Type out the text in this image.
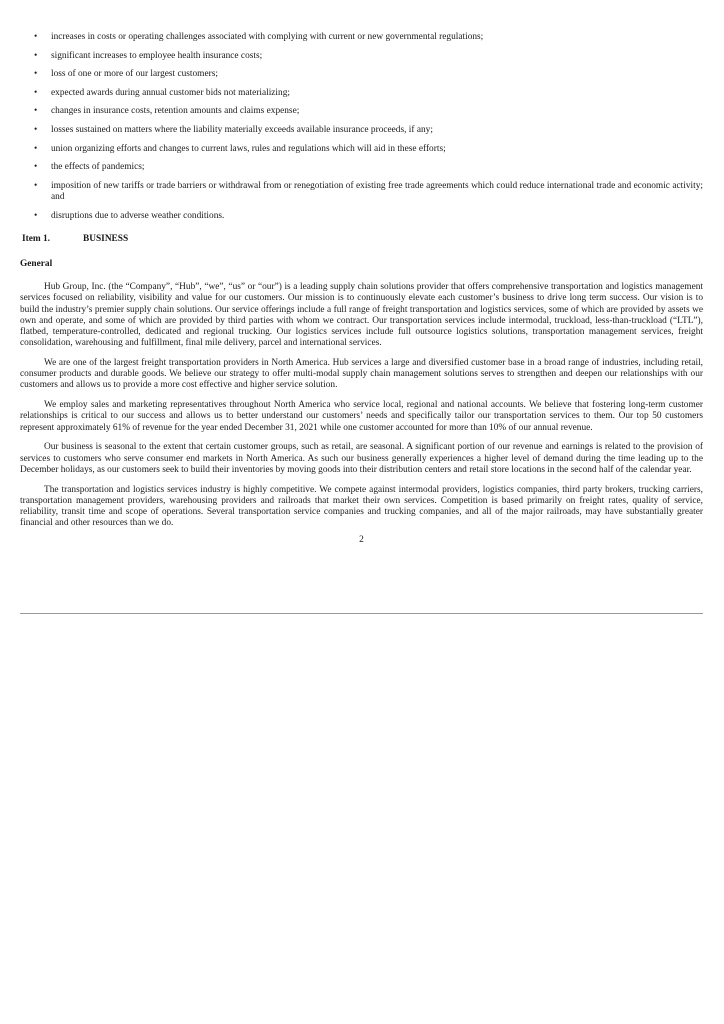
• increases in costs or operating challenges associated with complying with current or new governmental regulations;
• significant increases to employee health insurance costs;
• loss of one or more of our largest customers;
• expected awards during annual customer bids not materializing;
• changes in insurance costs, retention amounts and claims expense;
• losses sustained on matters where the liability materially exceeds available insurance proceeds, if any;
• union organizing efforts and changes to current laws, rules and regulations which will aid in these efforts;
• the effects of pandemics;
• imposition of new tariffs or trade barriers or withdrawal from or renegotiation of existing free trade agreements which could reduce international trade and economic activity; and
• disruptions due to adverse weather conditions.
Item 1.	BUSINESS
General

Hub Group, Inc. (the “Company”, “Hub”, “we”, “us” or “our”) is a leading supply chain solutions provider that offers comprehensive transportation and logistics management services focused on reliability, visibility and value for our customers. Our mission is to continuously elevate each customer’s business to drive long term success. Our vision is to build the industry’s premier supply chain solutions. Our service offerings include a full range of freight transportation and logistics services, some of which are provided by assets we own and operate, and some of which are provided by third parties with whom we contract. Our transportation services include intermodal, truckload, less-than-truckload (“LTL”), flatbed, temperature-controlled, dedicated and regional trucking. Our logistics services include full outsource logistics solutions, transportation management services, freight consolidation, warehousing and fulfillment, final mile delivery, parcel and international services.

We are one of the largest freight transportation providers in North America. Hub services a large and diversified customer base in a broad range of industries, including retail, consumer products and durable goods. We believe our strategy to offer multi-modal supply chain management solutions serves to strengthen and deepen our relationships with our customers and allows us to provide a more cost effective and higher service solution.

We employ sales and marketing representatives throughout North America who service local, regional and national accounts. We believe that fostering long-term customer relationships is critical to our success and allows us to better understand our customers’ needs and specifically tailor our transportation services to them. Our top 50 customers represent approximately 61% of revenue for the year ended December 31, 2021 while one customer accounted for more than 10% of our annual revenue.

Our business is seasonal to the extent that certain customer groups, such as retail, are seasonal. A significant portion of our revenue and earnings is related to the provision of services to customers who serve consumer end markets in North America. As such our business generally experiences a higher level of demand during the time leading up to the December holidays, as our customers seek to build their inventories by moving goods into their distribution centers and retail store locations in the second half of the calendar year.

The transportation and logistics services industry is highly competitive. We compete against intermodal providers, logistics companies, third party brokers, trucking carriers, transportation management providers, warehousing providers and railroads that market their own services. Competition is based primarily on freight rates, quality of service, reliability, transit time and scope of operations. Several transportation service companies and trucking companies, and all of the major railroads, may have substantially greater financial and other resources than we do.

2
